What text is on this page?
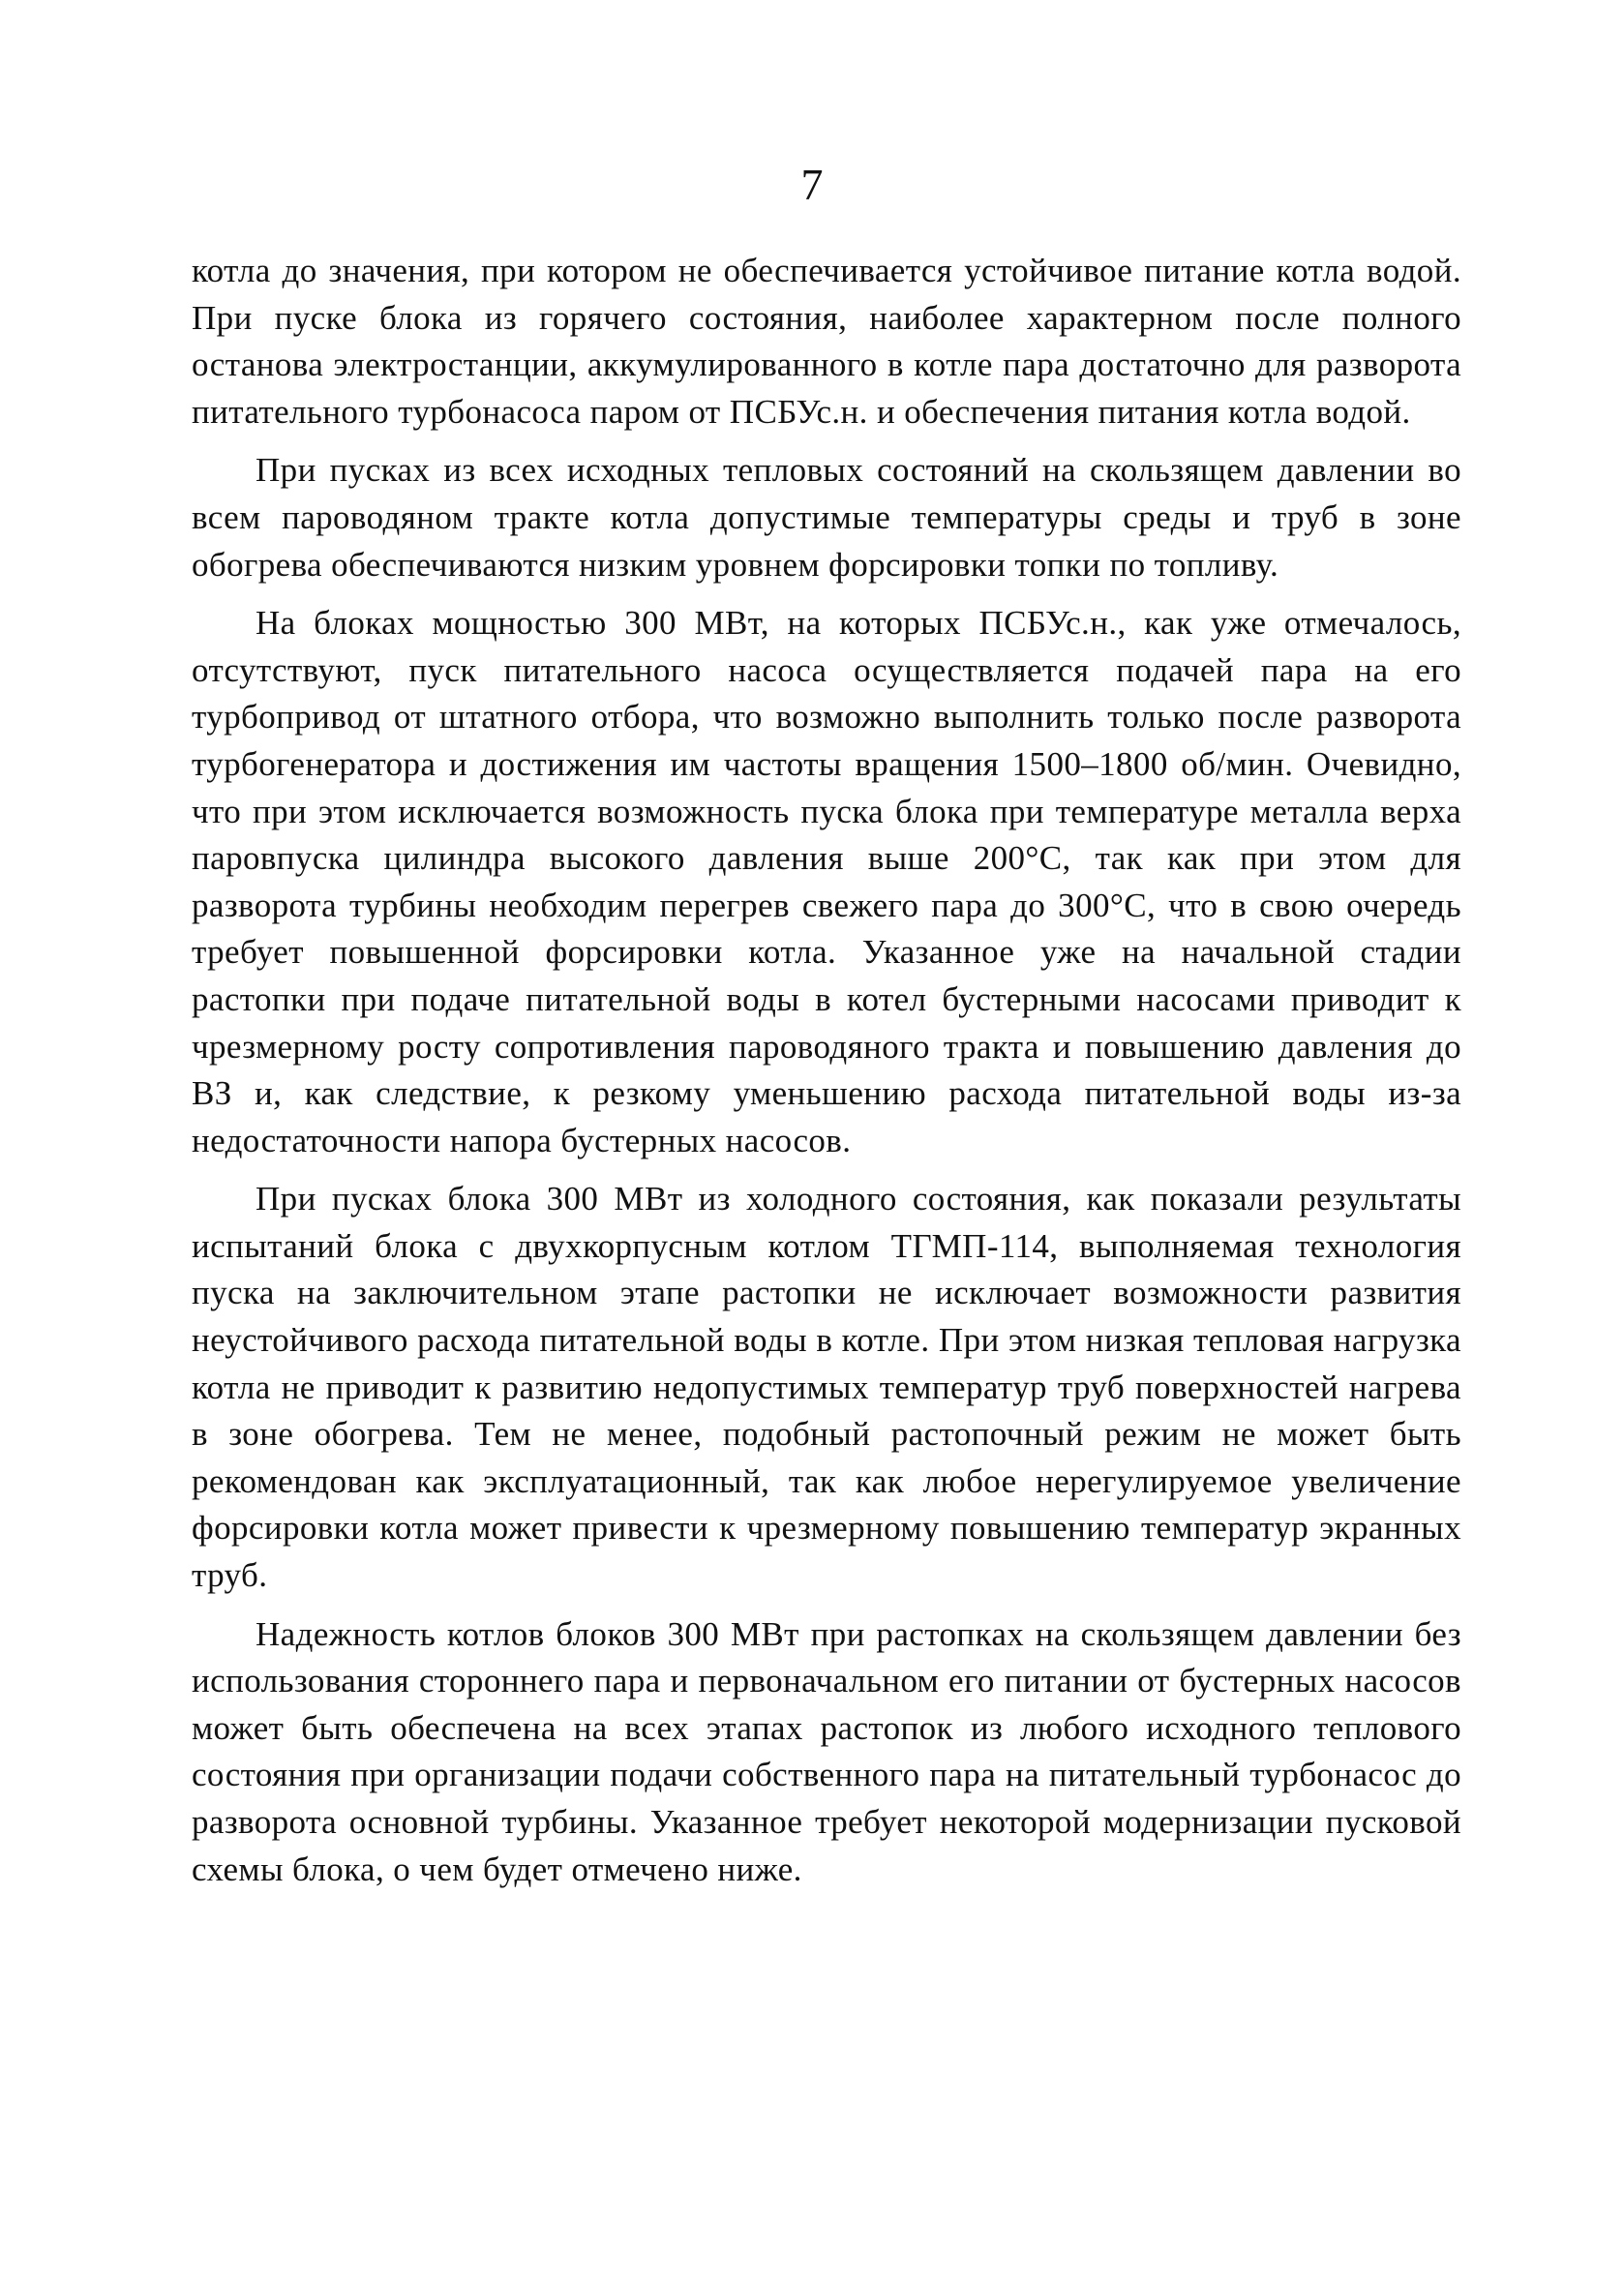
7

котла до значения, при котором не обеспечивается устойчивое питание котла водой. При пуске блока из горячего состояния, наиболее характерном после полного останова электростанции, аккумулированного в котле пара достаточно для разворота питательного турбонасоса паром от ПСБУс.н. и обеспечения питания котла водой.

При пусках из всех исходных тепловых состояний на скользящем давлении во всем пароводяном тракте котла допустимые температуры среды и труб в зоне обогрева обеспечиваются низким уровнем форсировки топки по топливу.

На блоках мощностью 300 МВт, на которых ПСБУс.н., как уже отмечалось, отсутствуют, пуск питательного насоса осуществляется подачей пара на его турбопривод от штатного отбора, что возможно выполнить только после разворота турбогенератора и достижения им частоты вращения 1500–1800 об/мин. Очевидно, что при этом исключается возможность пуска блока при температуре металла верха паровпуска цилиндра высокого давления выше 200°С, так как при этом для разворота турбины необходим перегрев свежего пара до 300°С, что в свою очередь требует повышенной форсировки котла. Указанное уже на начальной стадии растопки при подаче питательной воды в котел бустерными насосами приводит к чрезмерному росту сопротивления пароводяного тракта и повышению давления до ВЗ и, как следствие, к резкому уменьшению расхода питательной воды из-за недостаточности напора бустерных насосов.

При пусках блока 300 МВт из холодного состояния, как показали результаты испытаний блока с двухкорпусным котлом ТГМП-114, выполняемая технология пуска на заключительном этапе растопки не исключает возможности развития неустойчивого расхода питательной воды в котле. При этом низкая тепловая нагрузка котла не приводит к развитию недопустимых температур труб поверхностей нагрева в зоне обогрева. Тем не менее, подобный растопочный режим не может быть рекомендован как эксплуатационный, так как любое нерегулируемое увеличение форсировки котла может привести к чрезмерному повышению температур экранных труб.

Надежность котлов блоков 300 МВт при растопках на скользящем давлении без использования стороннего пара и первоначальном его питании от бустерных насосов может быть обеспечена на всех этапах растопок из любого исходного теплового состояния при организации подачи собственного пара на питательный турбонасос до разворота основной турбины. Указанное требует некоторой модернизации пусковой схемы блока, о чем будет отмечено ниже.
